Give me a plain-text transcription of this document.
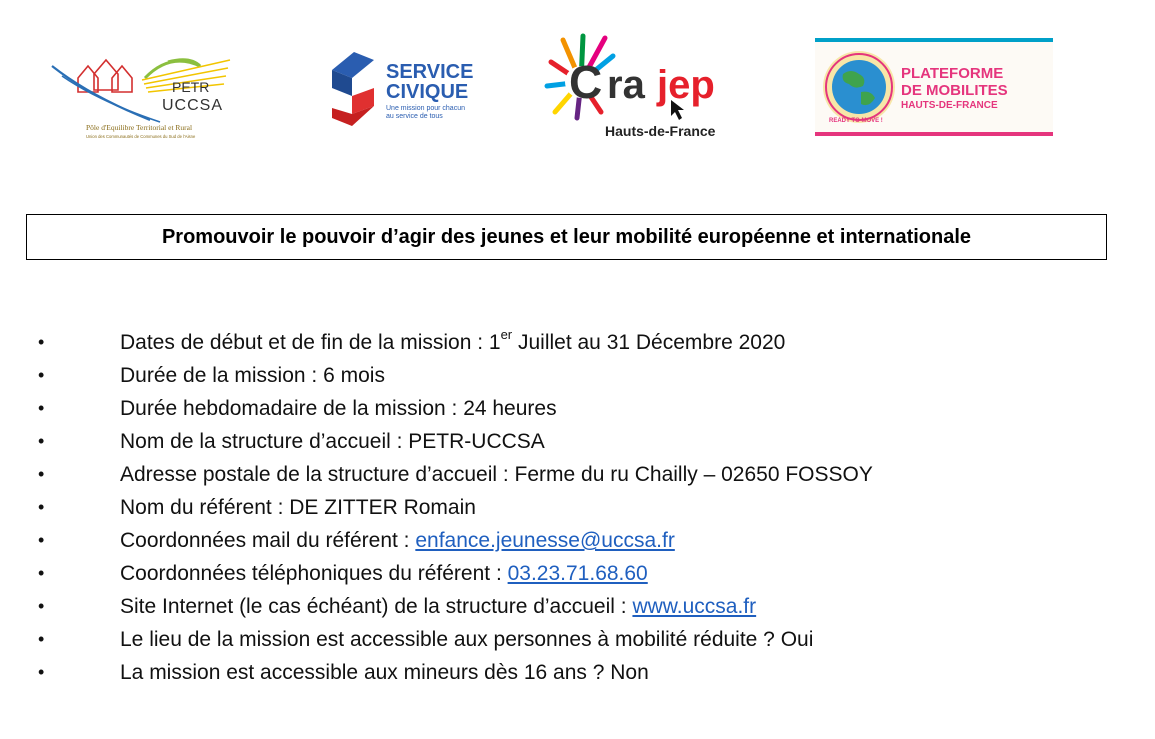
PETR
UCCSA
Pôle d'Equilibre Territorial et Rural
Union des Communautés de Communes du Sud de l'Aisne
SERVICE
CIVIQUE
Une mission pour chacun
au service de tous
C ra jep
Hauts-de-France
READY TO MOVE !
PLATEFORME
DE MOBILITES
HAUTS-DE-FRANCE
Promouvoir le pouvoir d’agir des jeunes et leur mobilité européenne et internationale
•	Dates de début et de fin de la mission : 1er Juillet au 31 Décembre 2020
•	Durée de la mission : 6 mois
•	Durée hebdomadaire de la mission : 24 heures
•	Nom de la structure d’accueil : PETR-UCCSA
•	Adresse postale de la structure d’accueil : Ferme du ru Chailly – 02650 FOSSOY
•	Nom du référent : DE ZITTER Romain
•	Coordonnées mail du référent : enfance.jeunesse@uccsa.fr
•	Coordonnées téléphoniques du référent : 03.23.71.68.60
•	Site Internet (le cas échéant) de la structure d’accueil : www.uccsa.fr
•	Le lieu de la mission est accessible aux personnes à mobilité réduite ? Oui
•	La mission est accessible aux mineurs dès 16 ans ? Non
